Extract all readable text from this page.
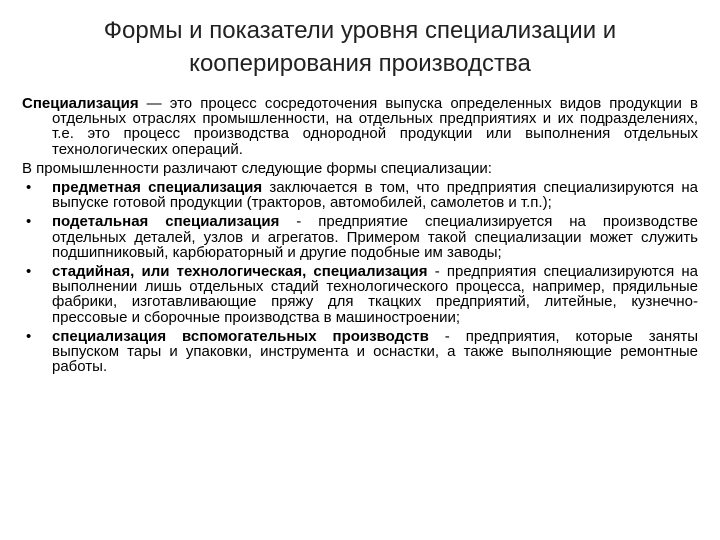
Формы и показатели уровня специализации и кооперирования производства

Специализация — это процесс сосредоточения выпуска определенных видов продукции в отдельных отраслях промышленности, на отдельных предприятиях и их подразделениях, т.е. это процесс производства однородной продукции или выполнения отдельных технологических операций.

В промышленности различают следующие формы специализации:

• предметная специализация заключается в том, что предприятия специализируются на выпуске готовой продукции (тракторов, автомобилей, самолетов и т.п.);
• подетальная специализация - предприятие специализируется на производстве отдельных деталей, узлов и агрегатов. Примером такой специализации может служить подшипниковый, карбюраторный и другие подобные им заводы;
• стадийная, или технологическая, специализация - предприятия специализируются на выполнении лишь отдельных стадий технологического процесса, например, прядильные фабрики, изготавливающие пряжу для ткацких предприятий, литейные, кузнечно-прессовые и сборочные производства в машиностроении;
• специализация вспомогательных производств - предприятия, которые заняты выпуском тары и упаковки, инструмента и оснастки, а также выполняющие ремонтные работы.
